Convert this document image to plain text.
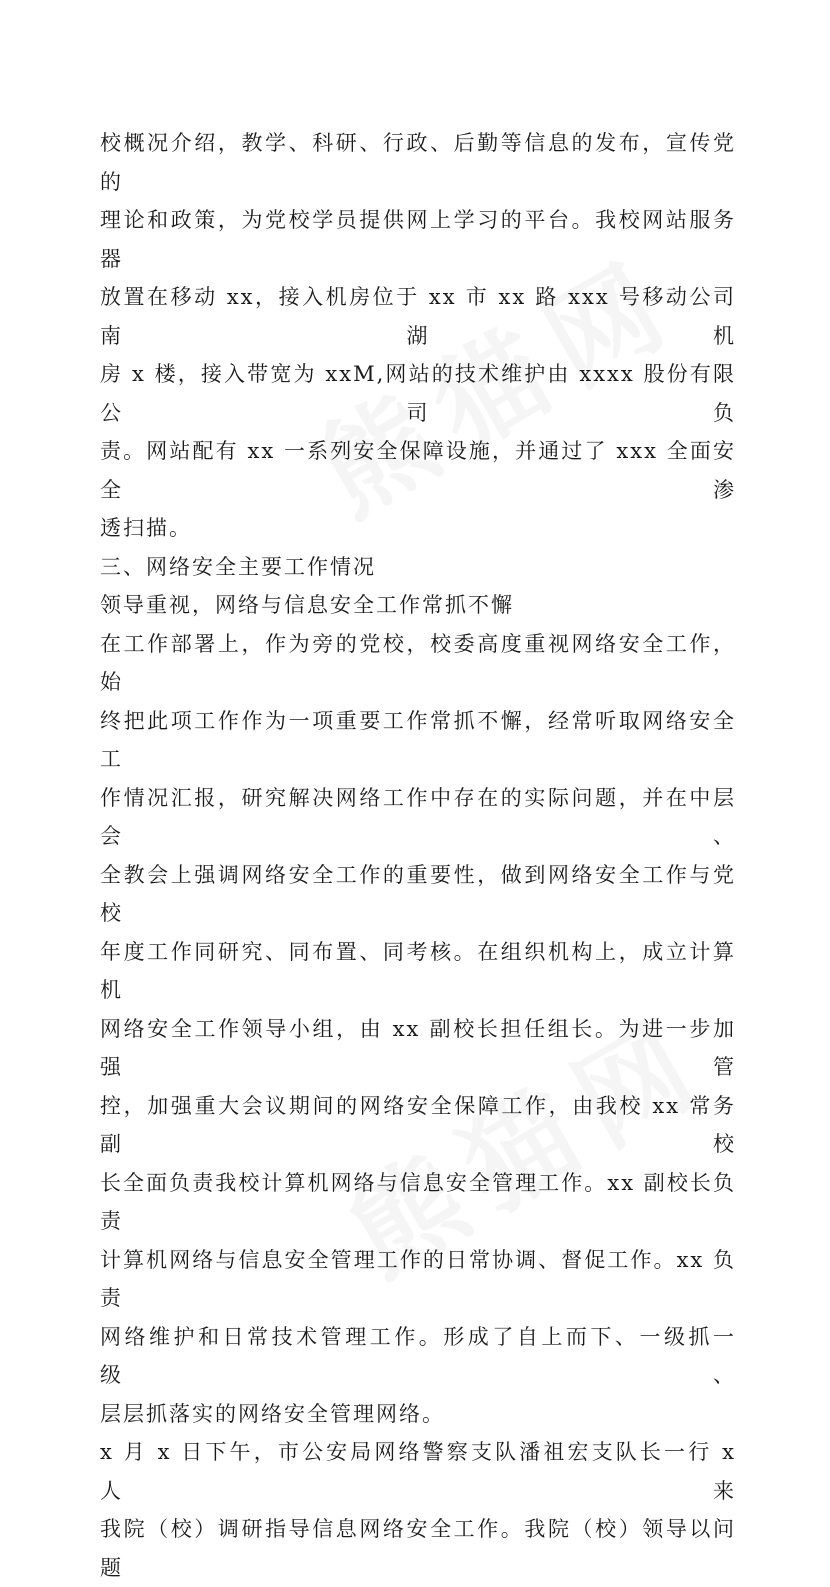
校概况介绍，教学、科研、行政、后勤等信息的发布，宣传党的

理论和政策，为党校学员提供网上学习的平台。我校网站服务器

放置在移动 xx，接入机房位于 xx 市 xx 路 xxx 号移动公司南湖机

房 x 楼，接入带宽为 xxM,网站的技术维护由 xxxx 股份有限公司负

责。网站配有 xx 一系列安全保障设施，并通过了 xxx 全面安全渗

透扫描。

三、网络安全主要工作情况

领导重视，网络与信息安全工作常抓不懈

在工作部署上，作为旁的党校，校委高度重视网络安全工作，始

终把此项工作作为一项重要工作常抓不懈，经常听取网络安全工

作情况汇报，研究解决网络工作中存在的实际问题，并在中层会、

全教会上强调网络安全工作的重要性，做到网络安全工作与党校

年度工作同研究、同布置、同考核。在组织机构上，成立计算机

网络安全工作领导小组，由 xx 副校长担任组长。为进一步加强管

控，加强重大会议期间的网络安全保障工作，由我校 xx 常务副校

长全面负责我校计算机网络与信息安全管理工作。xx 副校长负责

计算机网络与信息安全管理工作的日常协调、督促工作。xx 负责

网络维护和日常技术管理工作。形成了自上而下、一级抓一级、

层层抓落实的网络安全管理网络。

x 月 x 日下午，市公安局网络警察支队潘祖宏支队长一行 x 人来

我院（校）调研指导信息网络安全工作。我院（校）领导以问题
